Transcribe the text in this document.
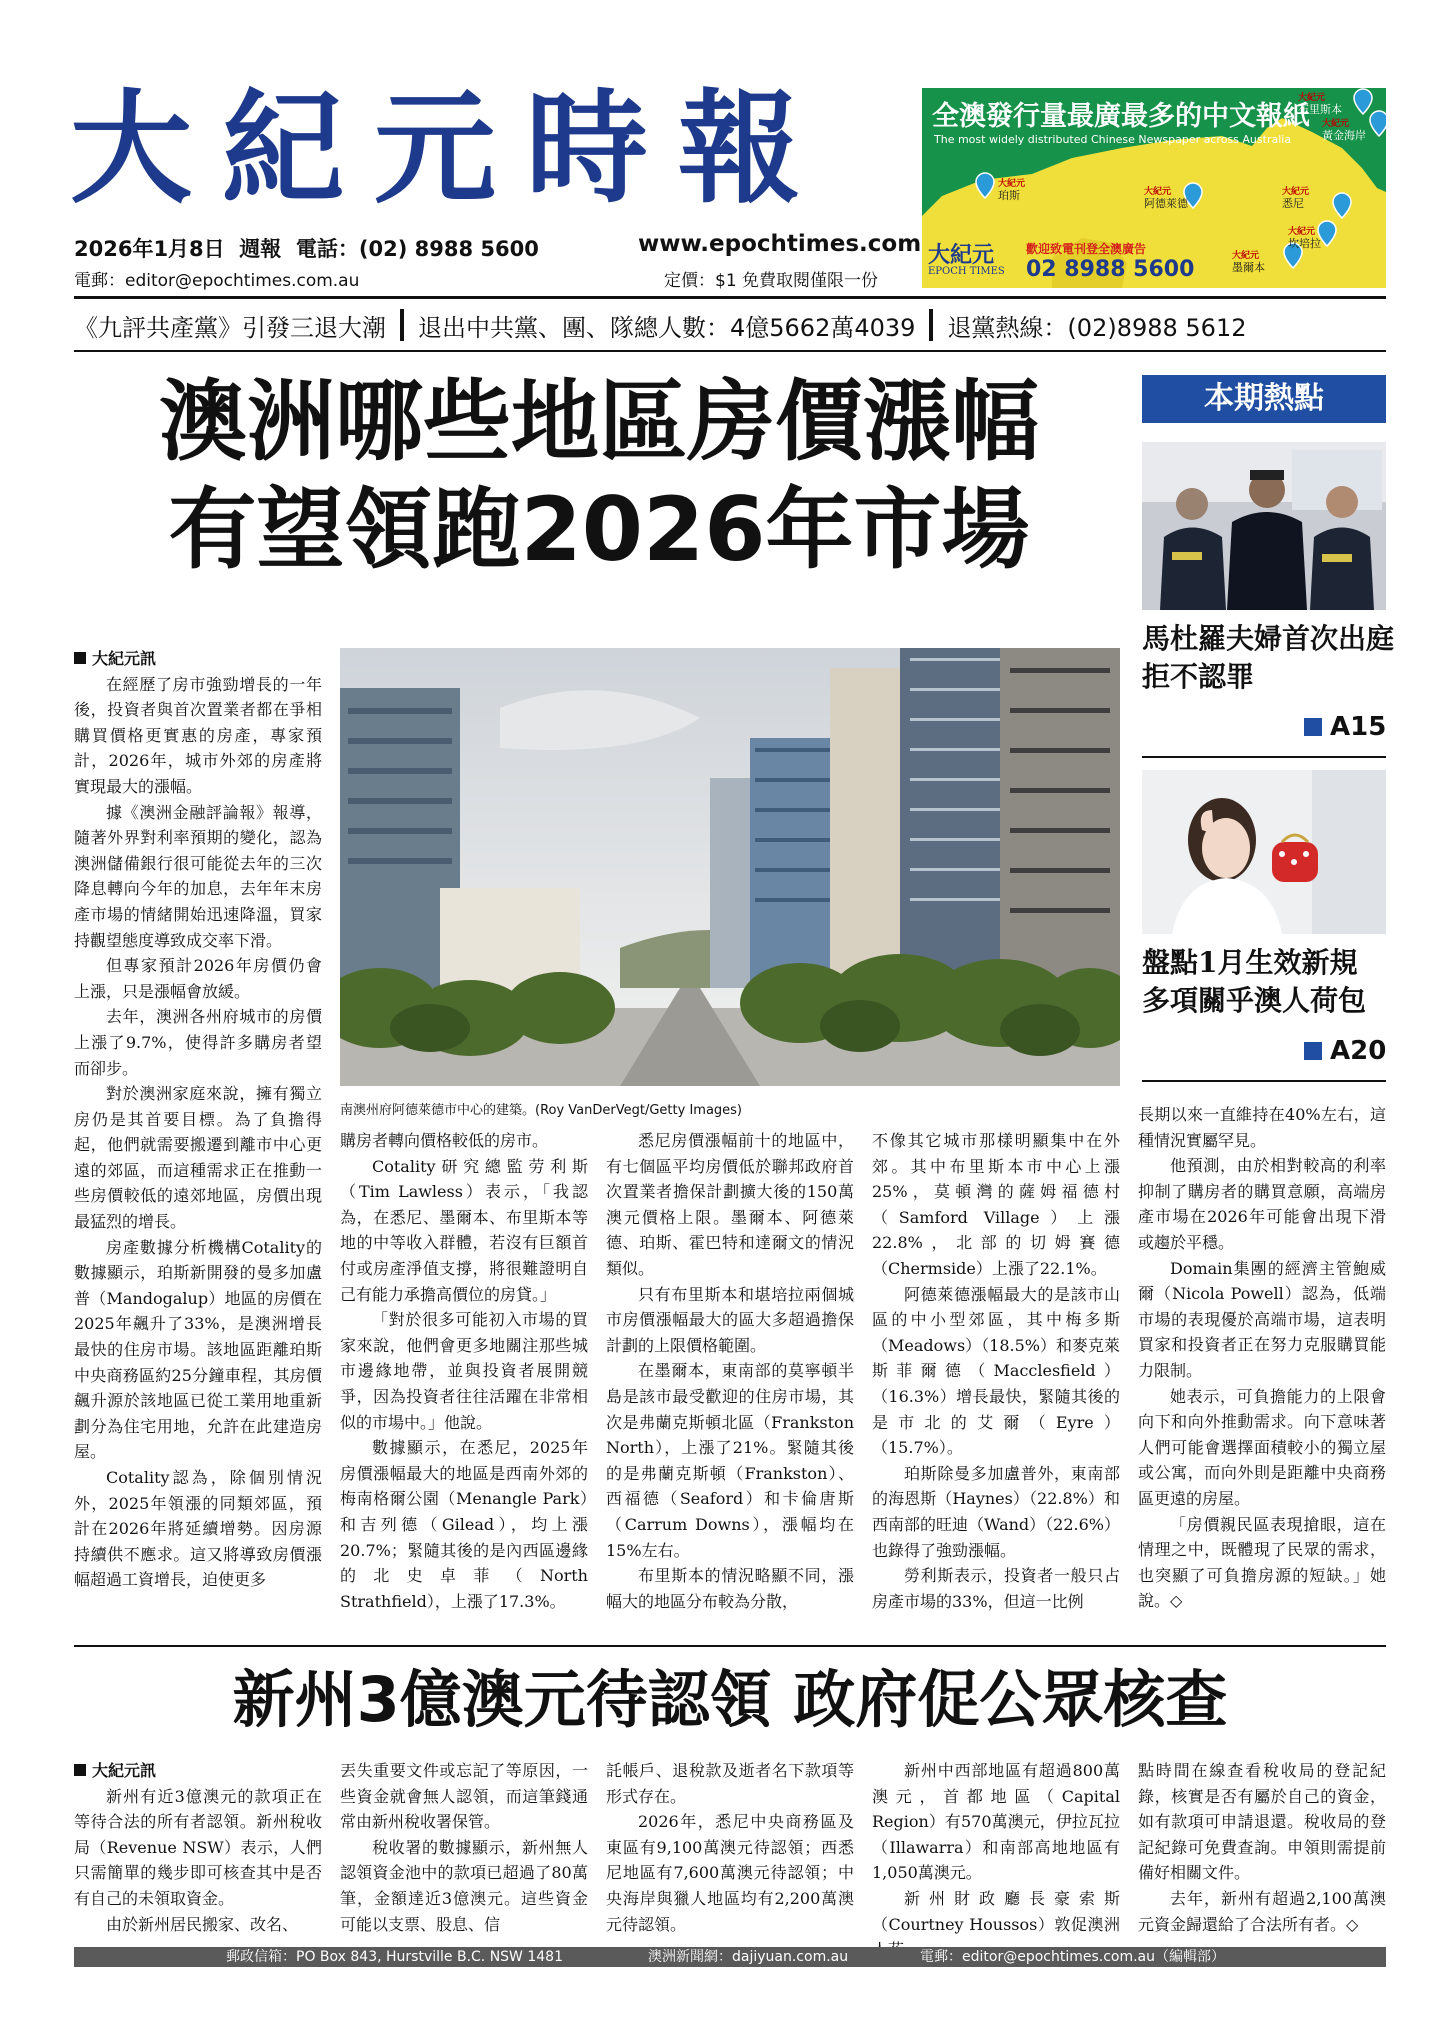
大紀元時報
2026年1月8日 週報 電話：(02) 8988 5600
電郵：editor@epochtimes.com.au
www.epochtimes.com
定價：$1 免費取閱僅限一份
全澳發行量最廣最多的中文報紙
The most widely distributed Chinese Newspaper across Australia
大紀元
布里斯本
大紀元
黃金海岸
大紀元
珀斯	大紀元
阿德萊德
大紀元
悉尼
大紀元
坎培拉
大紀元
墨爾本
大紀元
EPOCH TIMES
歡迎致電刊登全澳廣告
02 8988 5600
《九評共產黨》引發三退大潮 退出中共黨、團、隊總人數：4億5662萬4039 退黨熱線：(02)8988 5612
澳洲哪些地區房價漲幅
有望領跑2026年市場
本期熱點
馬杜羅夫婦首次出庭
拒不認罪
A15
盤點1月生效新規
多項關乎澳人荷包
A20
南澳州府阿德萊德市中心的建築。(Roy VanDerVegt/Getty Images)

大紀元訊

在經歷了房市強勁增長的一年後，投資者與首次置業者都在爭相購買價格更實惠的房產，專家預計，2026年，城市外郊的房產將實現最大的漲幅。

據《澳洲金融評論報》報導，隨著外界對利率預期的變化，認為澳洲儲備銀行很可能從去年的三次降息轉向今年的加息，去年年末房產市場的情緒開始迅速降溫，買家持觀望態度導致成交率下滑。

但專家預計2026年房價仍會上漲，只是漲幅會放緩。

去年，澳洲各州府城市的房價上漲了9.7%，使得許多購房者望而卻步。

對於澳洲家庭來說，擁有獨立房仍是其首要目標。為了負擔得起，他們就需要搬遷到離市中心更遠的郊區，而這種需求正在推動一些房價較低的遠郊地區，房價出現最猛烈的增長。

房產數據分析機構Cotality的數據顯示，珀斯新開發的曼多加盧普（Mandogalup）地區的房價在2025年飆升了33%，是澳洲增長最快的住房市場。該地區距離珀斯中央商務區約25分鐘車程，其房價飆升源於該地區已從工業用地重新劃分為住宅用地，允許在此建造房屋。

Cotality認為，除個別情況外，2025年領漲的同類郊區，預計在2026年將延續增勢。因房源持續供不應求。這又將導致房價漲幅超過工資增長，迫使更多

購房者轉向價格較低的房市。

Cotality研究總監劳利斯（Tim Lawless）表示，「我認為，在悉尼、墨爾本、布里斯本等地的中等收入群體，若沒有巨額首付或房產淨值支撐，將很難證明自己有能力承擔高價位的房貸。」

「對於很多可能初入市場的買家來說，他們會更多地關注那些城市邊緣地帶，並與投資者展開競爭，因為投資者往往活躍在非常相似的市場中。」他說。

數據顯示，在悉尼，2025年房價漲幅最大的地區是西南外郊的梅南格爾公園（Menangle Park）和吉列德（Gilead），均上漲20.7%；緊隨其後的是內西區邊緣的北史卓菲（North Strathfield），上漲了17.3%。

悉尼房價漲幅前十的地區中，有七個區平均房價低於聯邦政府首次置業者擔保計劃擴大後的150萬澳元價格上限。墨爾本、阿德萊德、珀斯、霍巴特和達爾文的情況類似。

只有布里斯本和堪培拉兩個城市房價漲幅最大的區大多超過擔保計劃的上限價格範圍。

在墨爾本，東南部的莫寧頓半島是該市最受歡迎的住房市場，其次是弗蘭克斯頓北區（Frankston North），上漲了21%。緊隨其後的是弗蘭克斯頓（Frankston）、西福德（Seaford）和卡倫唐斯（Carrum Downs），漲幅均在15%左右。

布里斯本的情況略顯不同，漲幅大的地區分布較為分散，

不像其它城市那樣明顯集中在外郊。其中布里斯本市中心上漲25%，莫頓灣的薩姆福德村（Samford Village）上漲22.8%，北部的切姆賽德（Chermside）上漲了22.1%。

阿德萊德漲幅最大的是該市山區的中小型郊區，其中梅多斯（Meadows）（18.5%）和麥克萊斯菲爾德（Macclesfield）（16.3%）增長最快，緊隨其後的是市北的艾爾（Eyre）（15.7%）。

珀斯除曼多加盧普外，東南部的海恩斯（Haynes）（22.8%）和西南部的旺迪（Wand）（22.6%）也錄得了強勁漲幅。

勞利斯表示，投資者一般只占房產市場的33%，但這一比例

長期以來一直維持在40%左右，這種情況實屬罕見。

他預測，由於相對較高的利率抑制了購房者的購買意願，高端房產市場在2026年可能會出現下滑或趨於平穩。

Domain集團的經濟主管鮑威爾（Nicola Powell）認為，低端市場的表現優於高端市場，這表明買家和投資者正在努力克服購買能力限制。

她表示，可負擔能力的上限會向下和向外推動需求。向下意味著人們可能會選擇面積較小的獨立屋或公寓，而向外則是距離中央商務區更遠的房屋。

「房價親民區表現搶眼，這在情理之中，既體現了民眾的需求，也突顯了可負擔房源的短缺。」她說。◇

新州3億澳元待認領 政府促公眾核查

大紀元訊

新州有近3億澳元的款項正在等待合法的所有者認領。新州稅收局（Revenue NSW）表示，人們只需簡單的幾步即可核查其中是否有自己的未領取資金。

由於新州居民搬家、改名、

丟失重要文件或忘記了等原因，一些資金就會無人認領，而這筆錢通常由新州稅收署保管。

稅收署的數據顯示，新州無人認領資金池中的款項已超過了80萬筆，金額達近3億澳元。這些資金可能以支票、股息、信

託帳戶、退稅款及逝者名下款項等形式存在。

2026年，悉尼中央商務區及東區有9,100萬澳元待認領；西悉尼地區有7,600萬澳元待認領；中央海岸與獵人地區均有2,200萬澳元待認領。

新州中西部地區有超過800萬澳元，首都地區（Capital Region）有570萬澳元，伊拉瓦拉（Illawarra）和南部高地地區有1,050萬澳元。

新州財政廳長豪索斯（Courtney Houssos）敦促澳洲

點時間在線查看稅收局的登記紀錄，核實是否有屬於自己的資金，如有款項可申請退還。稅收局的登記紀錄可免費查詢。申領則需提前備好相關文件。

去年，新州有超過2,100萬澳元資金歸還給了合法所有者。◇

郵政信箱：PO Box 843, Hurstville B.C. NSW 1481	澳洲新聞網：dajiyuan.com.au	電郵：editor@epochtimes.com.au（編輯部）
